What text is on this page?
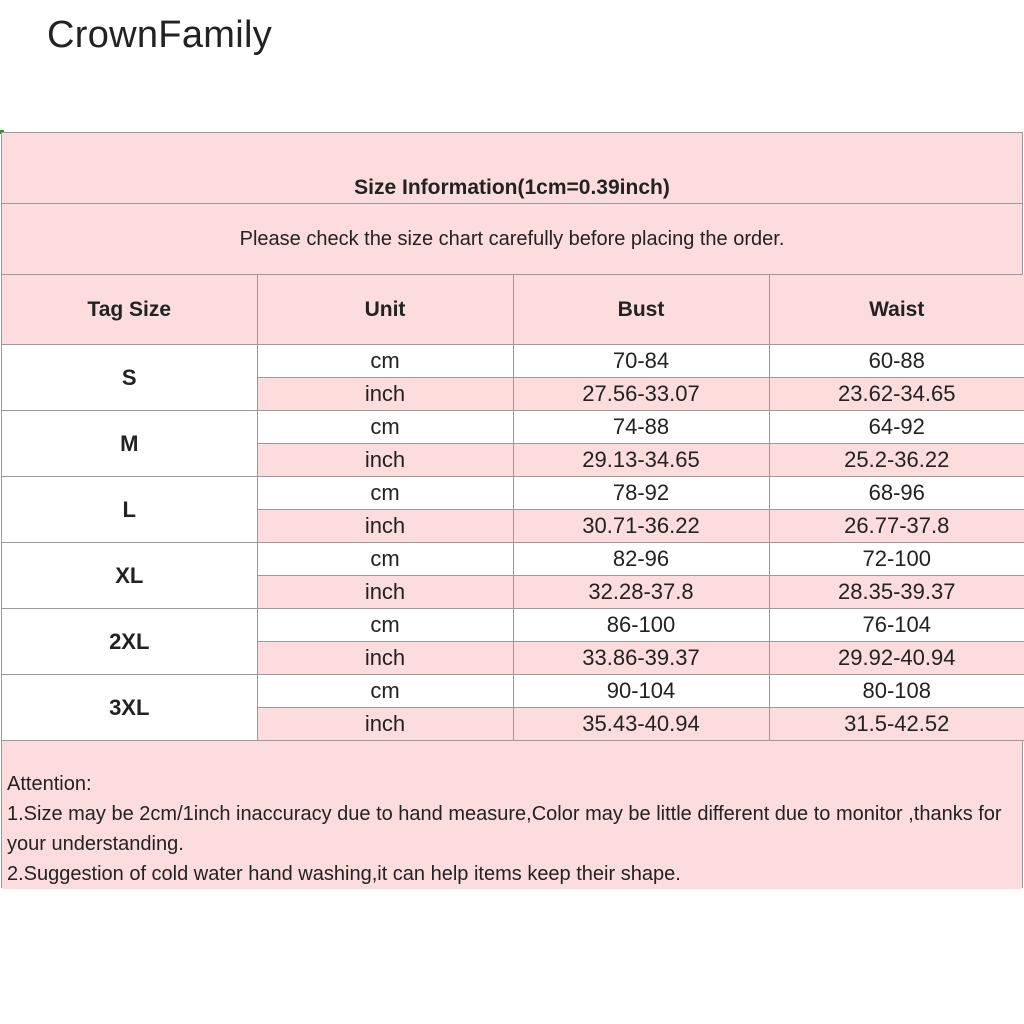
CrownFamily
Size Information(1cm=0.39inch)
Please check the size chart carefully before placing the order.
Tag Size	Unit	Bust	Waist
S	cm	70-84	60-88
	inch	27.56-33.07	23.62-34.65
M	cm	74-88	64-92
	inch	29.13-34.65	25.2-36.22
L	cm	78-92	68-96
	inch	30.71-36.22	26.77-37.8
XL	cm	82-96	72-100
	inch	32.28-37.8	28.35-39.37
2XL	cm	86-100	76-104
	inch	33.86-39.37	29.92-40.94
3XL	cm	90-104	80-108
	inch	35.43-40.94	31.5-42.52

Attention:

1.Size may be 2cm/1inch inaccuracy due to hand measure,Color may be little different due to monitor ,thanks for your understanding.

2.Suggestion of cold water hand washing,it can help items keep their shape.
